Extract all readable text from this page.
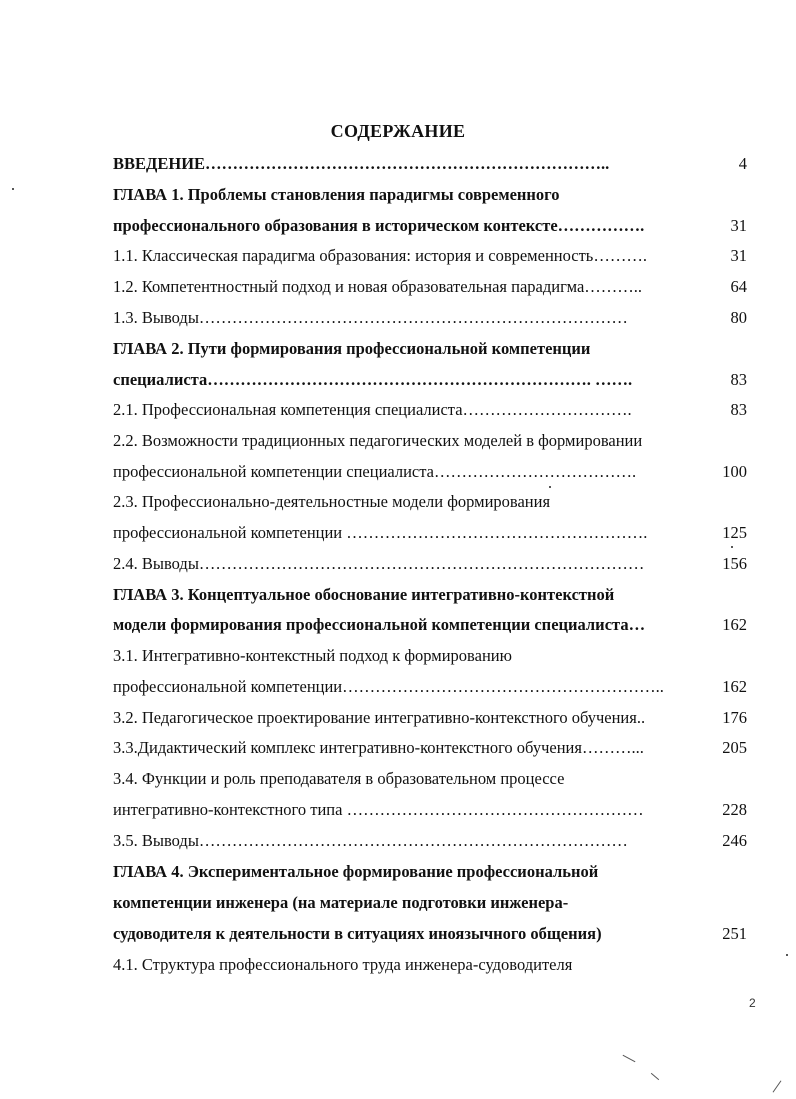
СОДЕРЖАНИЕ
ВВЕДЕНИЕ………………………………………………………………..	4
ГЛАВА 1. Проблемы становления парадигмы современного
профессионального образования в историческом контексте…………….	31
1.1. Классическая парадигма образования: история и современность……….	31
1.2. Компетентностный подход и новая образовательная парадигма………..	64
1.3. Выводы……………………………………………………………………	80
ГЛАВА 2. Пути формирования профессиональной компетенции
специалиста……………………………………………………………. …….	83
2.1. Профессиональная компетенция специалиста………………………….	83
2.2. Возможности традиционных педагогических моделей в формировании
профессиональной компетенции специалиста……………………………….	100
2.3. Профессионально-деятельностные модели формирования
профессиональной компетенции ……………………………………………….	125
2.4. Выводы………………………………………………………………………	156
ГЛАВА 3. Концептуальное обоснование интегративно-контекстной
модели формирования профессиональной компетенции специалиста…	162
3.1. Интегративно-контекстный подход к формированию
профессиональной компетенции…………………………………………………..	162
3.2. Педагогическое проектирование интегративно-контекстного обучения..	176
3.3.Дидактический комплекс интегративно-контекстного обучения………...	205
3.4. Функции и роль преподавателя в образовательном процессе
интегративно-контекстного типа ………………………………………………	228
3.5. Выводы……………………………………………………………………	246
ГЛАВА 4. Экспериментальное формирование профессиональной
компетенции инженера (на материале подготовки инженера-
судоводителя к деятельности в ситуациях иноязычного общения)	251
4.1. Структура профессионального труда инженера-судоводителя
2
